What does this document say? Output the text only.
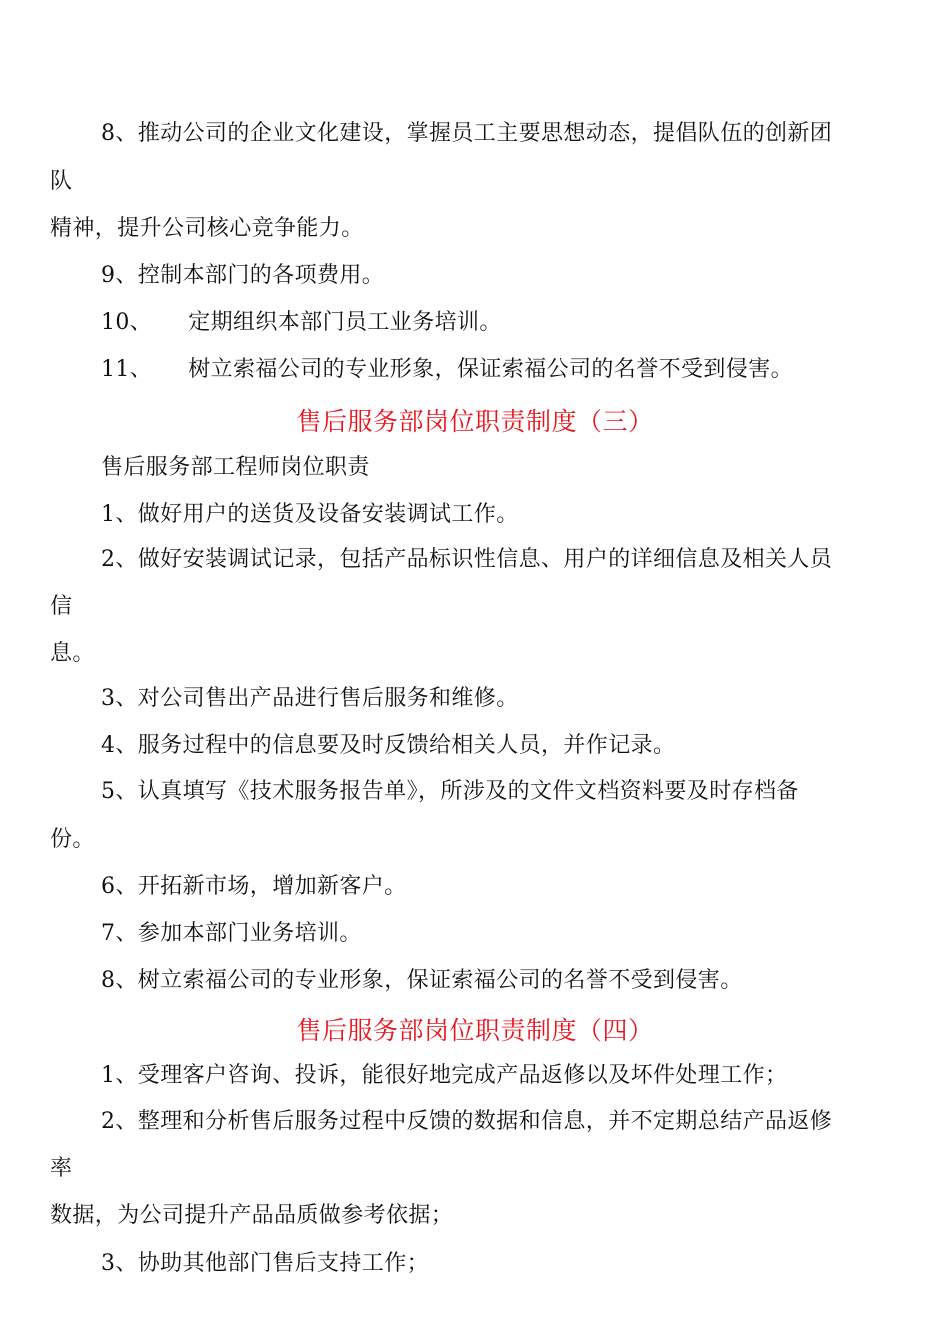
8、推动公司的企业文化建设，掌握员工主要思想动态，提倡队伍的创新团
队
精神，提升公司核心竞争能力。
9、控制本部门的各项费用。
10、 定期组织本部门员工业务培训。
11、 树立索福公司的专业形象，保证索福公司的名誉不受到侵害。
售后服务部岗位职责制度（三）
售后服务部工程师岗位职责
1、做好用户的送货及设备安装调试工作。
2、做好安装调试记录，包括产品标识性信息、用户的详细信息及相关人员
信
息。
3、对公司售出产品进行售后服务和维修。
4、服务过程中的信息要及时反馈给相关人员，并作记录。
5、认真填写《技术服务报告单》，所涉及的文件文档资料要及时存档备
份。
6、开拓新市场，增加新客户。
7、参加本部门业务培训。
8、树立索福公司的专业形象，保证索福公司的名誉不受到侵害。
售后服务部岗位职责制度（四）
1、受理客户咨询、投诉，能很好地完成产品返修以及坏件处理工作；
2、整理和分析售后服务过程中反馈的数据和信息，并不定期总结产品返修
率
数据，为公司提升产品品质做参考依据；
3、协助其他部门售后支持工作；
